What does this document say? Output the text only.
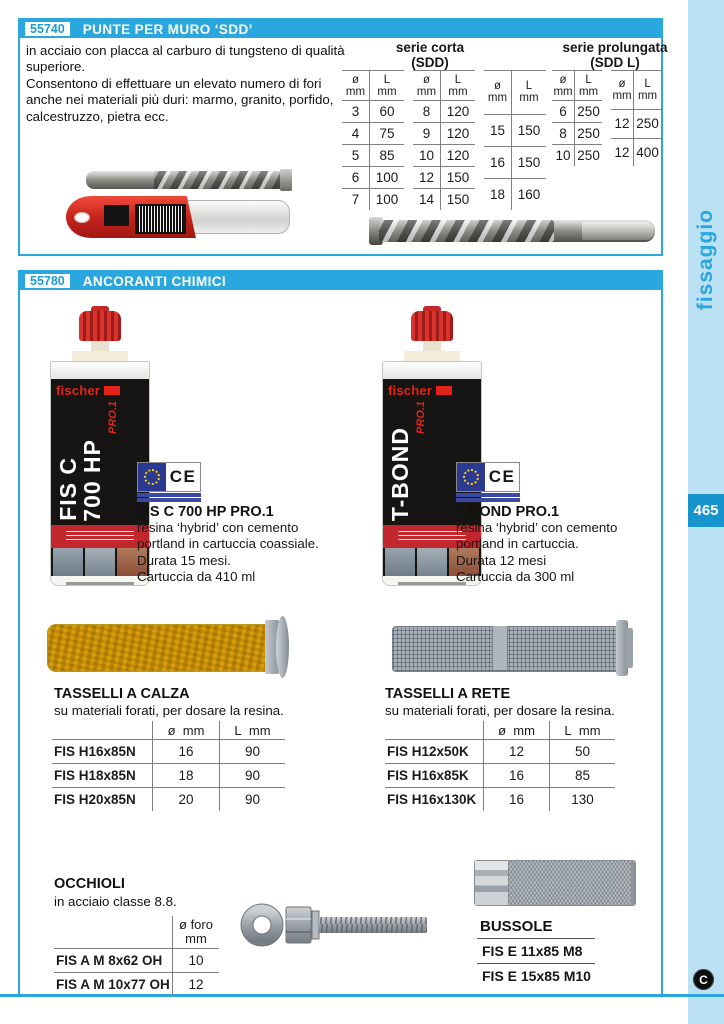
fissaggio
465
C
55740	PUNTE PER MURO ‘SDD’

in acciaio con placca al carburo di tungsteno di qualità superiore.

Consentono di effettuare un elevato numero di fori anche nei materiali più duri: marmo, granito, porfido, calcestruzzo, pietra ecc.

serie corta
(SDD)
ø
mm

L
mm

3	60
4	75
5	85
6	100
7	100
ø
mm

L
mm

8	120
9	120
10	120
12	150
14	150
ø
mm

L
mm

15	150
16	150
18	160
serie prolungata
(SDD L)
ø
mm

L
mm

6	250
8	250
10	250
ø
mm

L
mm

12	250
12	400
55780	ANCORANTI CHIMICI
fischer
FIS C
700 HP
PRO.1
fischer
T-BOND
PRO.1
CE	CE
FIS C 700 HP PRO.1
resina ‘hybrid’ con cemento
portland in cartuccia coassiale.
Durata 15 mesi.
Cartuccia da 410 ml
T-BOND PRO.1
resina ‘hybrid’ con cemento
portland in cartuccia.
Durata 12 mesi
Cartuccia da 300 ml
TASSELLI A CALZA
su materiali forati, per dosare la resina.
	ø mm	L mm
FIS H16x85N	16	90
FIS H18x85N	18	90
FIS H20x85N	20	90
TASSELLI A RETE
su materiali forati, per dosare la resina.
	ø mm	L mm
FIS H12x50K	12	50
FIS H16x85K	16	85
FIS H16x130K	16	130
OCCHIOLI
in acciaio classe 8.8.

	ø foro
mm

FIS A M 8x62 OH	10
FIS A M 10x77 OH	12
BUSSOLE
FIS E 11x85 M8
FIS E 15x85 M10
